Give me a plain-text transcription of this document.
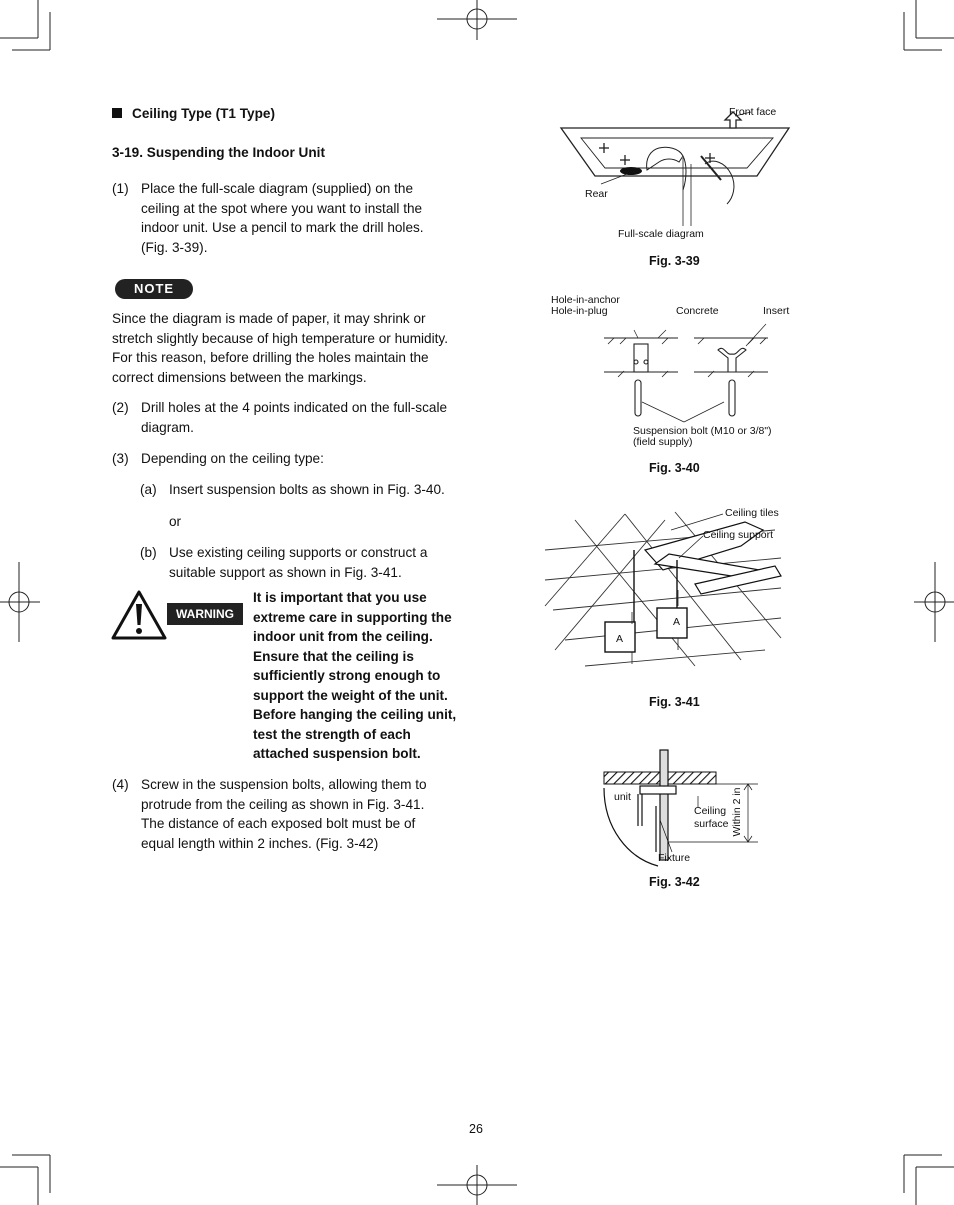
Ceiling Type (T1 Type)
3-19. Suspending the Indoor Unit
(1) Place the full-scale diagram (supplied) on the ceiling at the spot where you want to install the indoor unit. Use a pencil to mark the drill holes. (Fig. 3-39).
NOTE
Since the diagram is made of paper, it may shrink or stretch slightly because of high temperature or humidity. For this reason, before drilling the holes maintain the correct dimensions between the markings.
(2) Drill holes at the 4 points indicated on the full-scale diagram.
(3) Depending on the ceiling type:
(a) Insert suspension bolts as shown in Fig. 3-40.
or
(b) Use existing ceiling supports or construct a suitable support as shown in Fig. 3-41.
WARNING
It is important that you use extreme care in supporting the indoor unit from the ceiling. Ensure that the ceiling is sufficiently strong enough to support the weight of the unit. Before hanging the ceiling unit, test the strength of each attached suspension bolt.
(4) Screw in the suspension bolts, allowing them to protrude from the ceiling as shown in Fig. 3-41. The distance of each exposed bolt must be of equal length within 2 inches. (Fig. 3-42)
Front face
Rear
Full-scale diagram
Fig. 3-39
Hole-in-anchor
Hole-in-plug	Concrete	Insert
Suspension bolt (M10 or 3/8")
(field supply)
Fig. 3-40
Ceiling tiles
Ceiling support
A
A
Fig. 3-41
unit
Ceiling
surface Within 2 in
Fixture
Fig. 3-42
26
